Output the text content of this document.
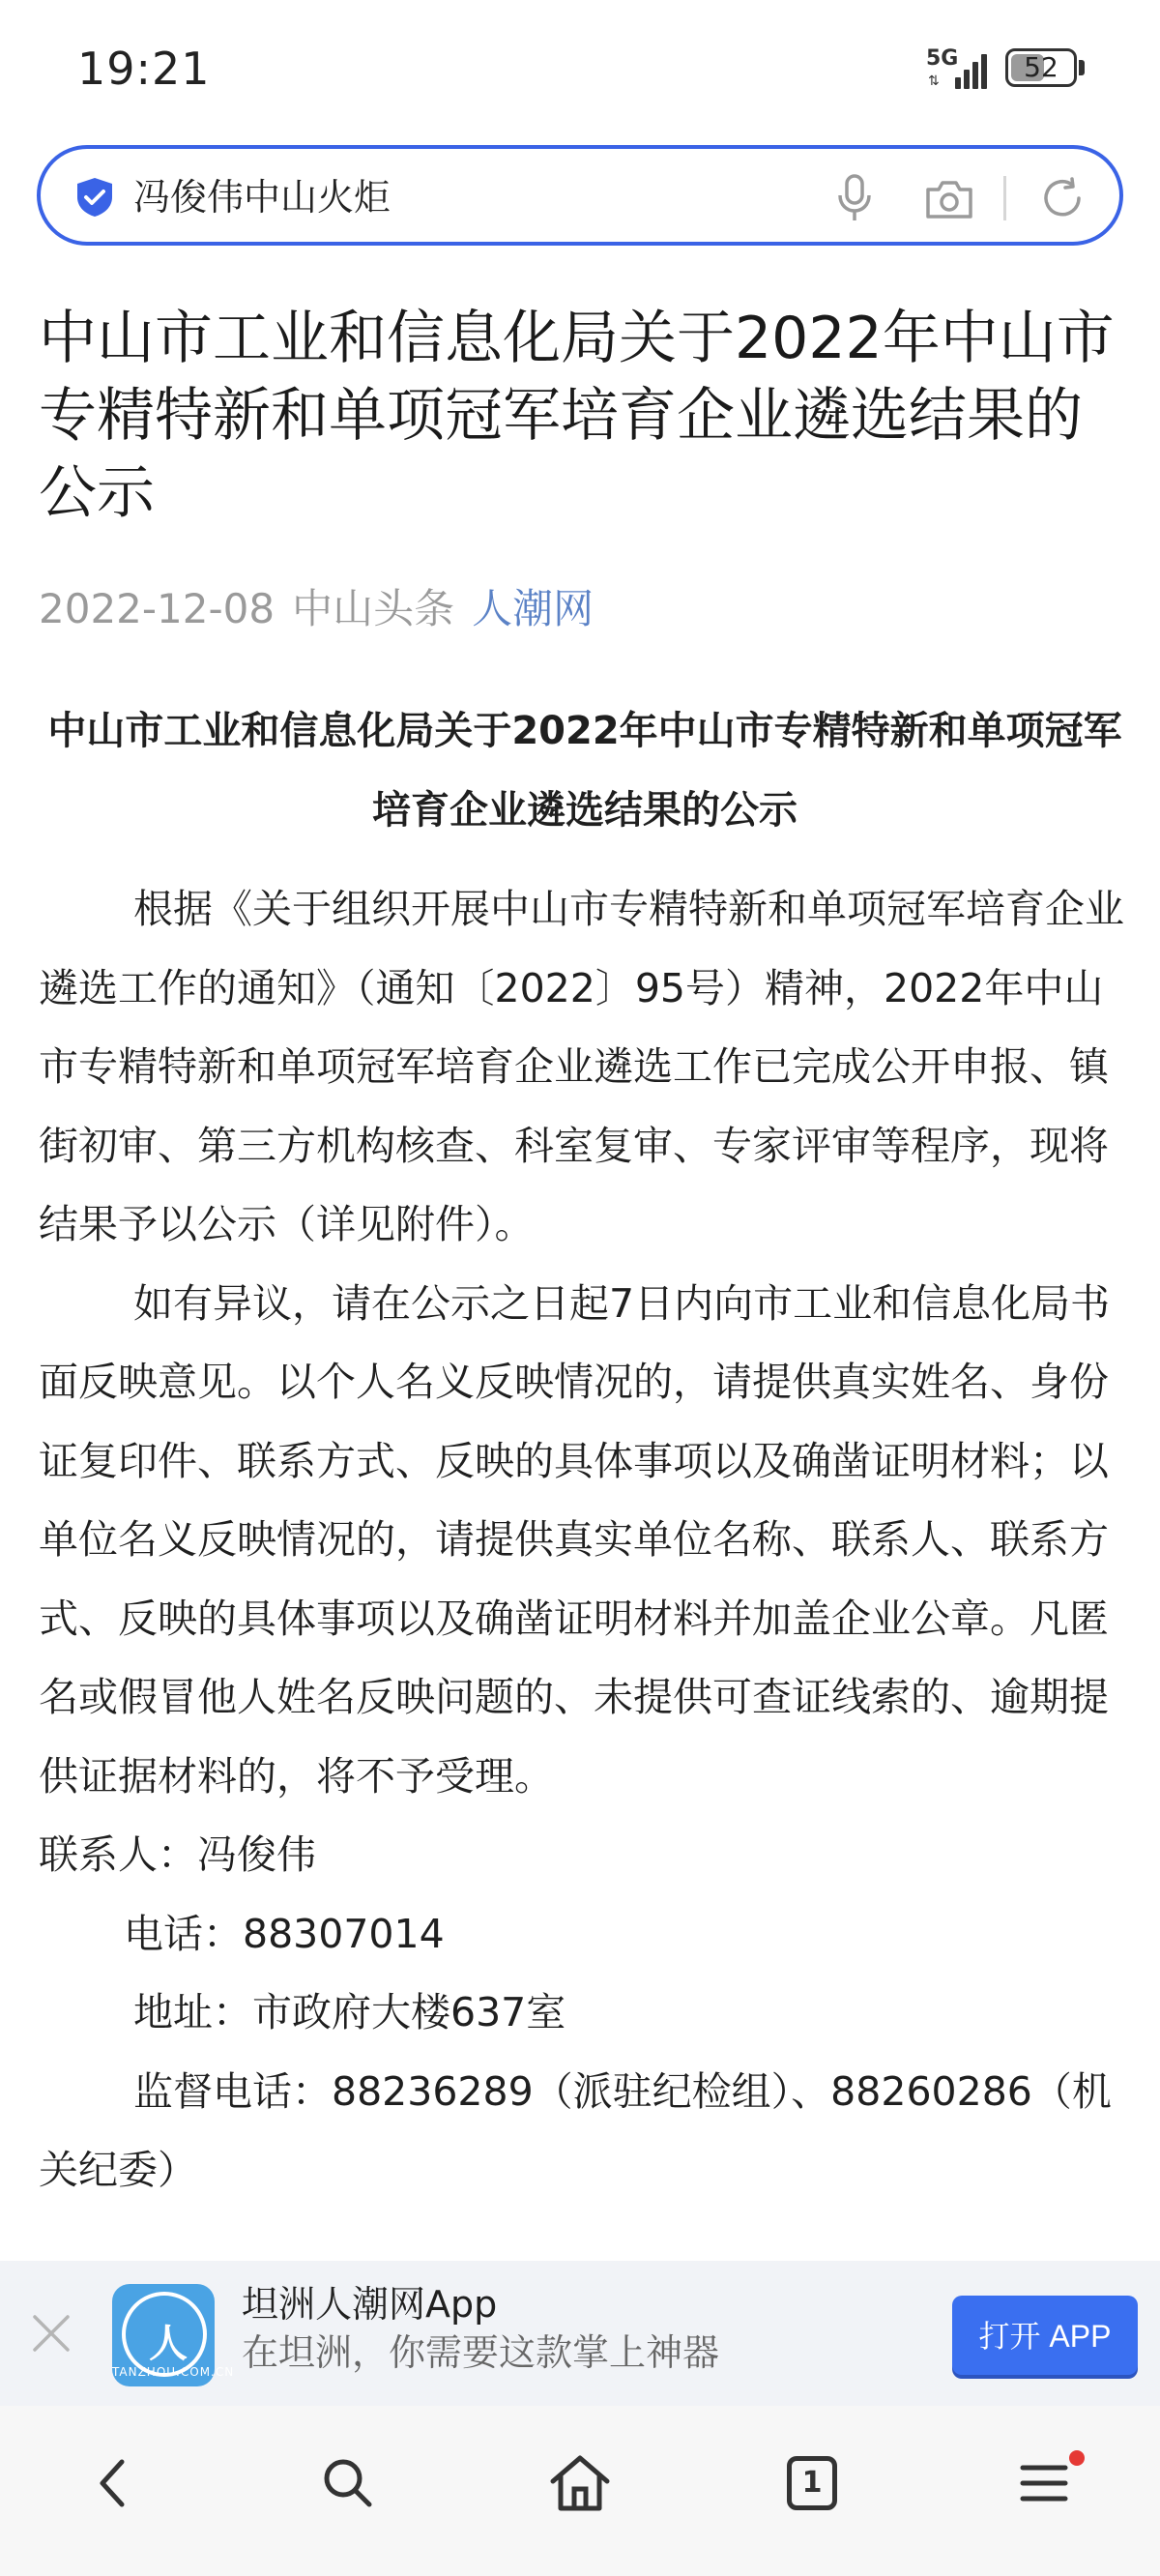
19:21	5G
⇅	52
冯俊伟中山火炬
中山市工业和信息化局关于2022年中山市专精特新和单项冠军培育企业遴选结果的公示
2022-12-08 中山头条 人潮网
中山市工业和信息化局关于2022年中山市专精特新和单项冠军培育企业遴选结果的公示

根据《关于组织开展中山市专精特新和单项冠军培育企业遴选工作的通知》（通知〔2022〕95号）精神，2022年中山市专精特新和单项冠军培育企业遴选工作已完成公开申报、镇街初审、第三方机构核查、科室复审、专家评审等程序，现将结果予以公示（详见附件）。

如有异议，请在公示之日起7日内向市工业和信息化局书面反映意见。以个人名义反映情况的，请提供真实姓名、身份证复印件、联系方式、反映的具体事项以及确凿证明材料；以单位名义反映情况的，请提供真实单位名称、联系人、联系方式、反映的具体事项以及确凿证明材料并加盖企业公章。凡匿名或假冒他人姓名反映问题的、未提供可查证线索的、逾期提供证据材料的，将不予受理。

联系人：冯俊伟

电话：88307014

地址：市政府大楼637室

监督电话：88236289（派驻纪检组）、88260286（机关纪委）

人
TANZHOU.COM.CN
坦洲人潮网App
在坦洲，你需要这款掌上神器	打开 APP
1
